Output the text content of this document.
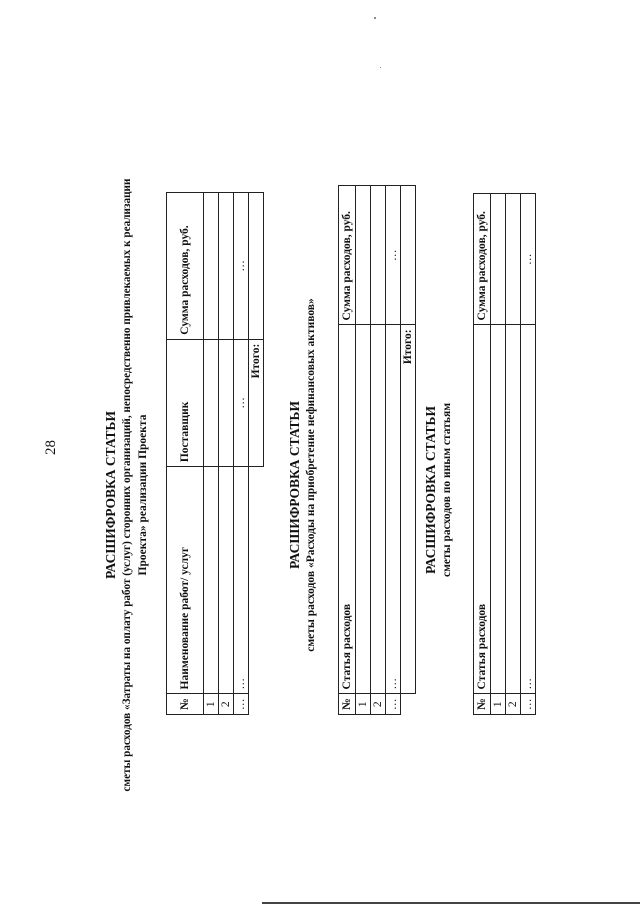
28	РАСШИФРОВКА СТАТЬИ сметы расходов «Затраты на оплату работ (услуг) сторонних организаций, непосредственно привлекаемых к реализации Проекта» реализации Проекта
№	Наименование работ/ услуг	Поставщик	Сумма расходов, руб.
1			
2			
…	…	…	…
		Итого:	
РАСШИФРОВКА СТАТЬИ сметы расходов «Расходы на приобретение нефинансовых активов»
№	Статья расходов	Сумма расходов, руб.
1		
2		
…	…	…
	Итого:	
РАСШИФРОВКА СТАТЬИ сметы расходов по иным статьям
№	Статья расходов	Сумма расходов, руб.
1		
2		
…	…	…
